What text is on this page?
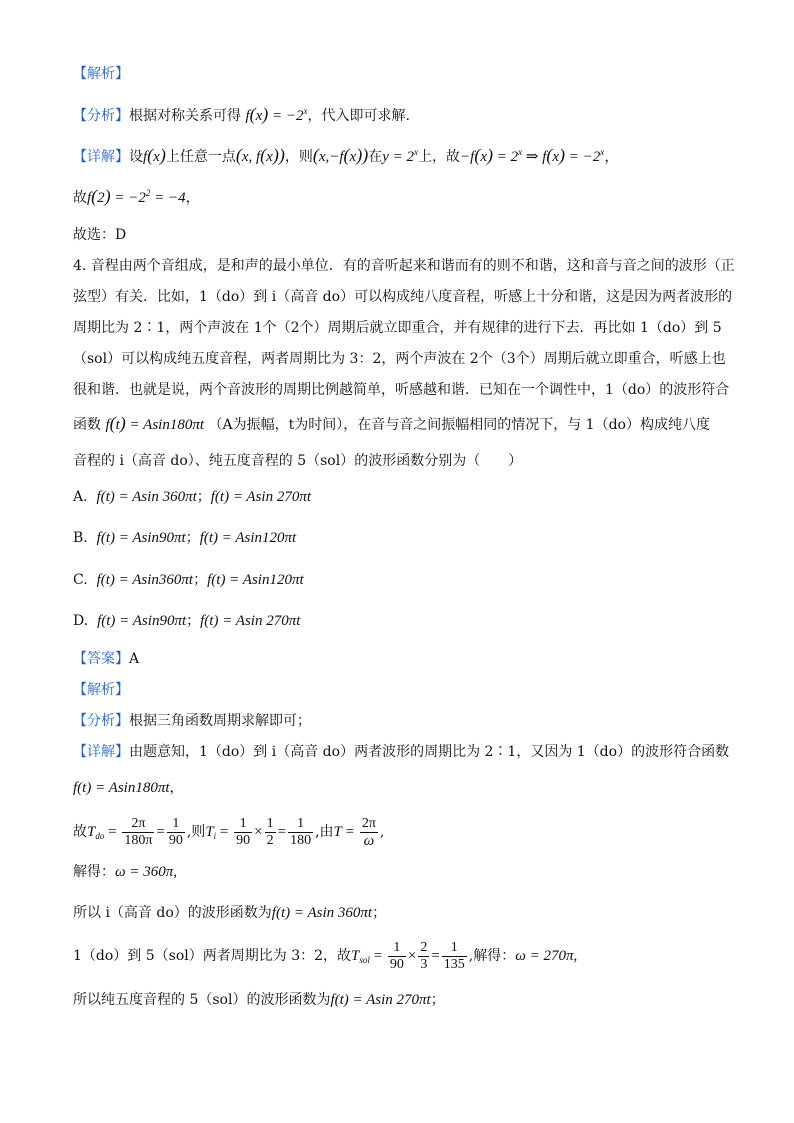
【解析】
【分析】根据对称关系可得 $f(x) = -2^x$，代入即可求解.
【详解】设f(x)上任意一点(x, f(x))，则(x,−f(x))在$y = 2^x$上，故$-f(x) = 2^x$ ⇒ $f(x) = -2^x$，
故$f(2) = -2^2 = -4$，
故选：D
4. 音程由两个音组成，是和声的最小单位．有的音听起来和谐而有的则不和谐，这和音与音之间的波形（正
弦型）有关．比如，1（do）到 i（高音 do）可以构成纯八度音程，听感上十分和谐，这是因为两者波形的
周期比为 2∶1，两个声波在 1个（2个）周期后就立即重合，并有规律的进行下去．再比如 1（do）到 5
（sol）可以构成纯五度音程，两者周期比为 3：2，两个声波在 2个（3个）周期后就立即重合，听感上也
很和谐．也就是说，两个音波形的周期比例越简单，听感越和谐．已知在一个调性中，1（do）的波形符合
函数 f(t) = Asin180πt （A为振幅，t为时间），在音与音之间振幅相同的情况下，与 1（do）构成纯八度
音程的 i（高音 do）、纯五度音程的 5（sol）的波形函数分别为（　　）
A. f(t) = Asin 360πt；f(t) = Asin 270πt
B. f(t) = Asin90πt；f(t) = Asin120πt
C. f(t) = Asin360πt；f(t) = Asin120πt
D. f(t) = Asin90πt；f(t) = Asin 270πt
【答案】A
【解析】
【分析】根据三角函数周期求解即可；
【详解】由题意知，1（do）到 i（高音 do）两者波形的周期比为 2∶1，又因为 1（do）的波形符合函数
f(t) = Asin180πt，
故$T_{do} = \frac{2\pi}{180\pi} = \frac{1}{90}$ ,则$T_i = \frac{1}{90} \times \frac{1}{2} = \frac{1}{180}$ ,由$T = \frac{2\pi}{\omega}$ ,
解得：ω = 360π,
所以 i（高音 do）的波形函数为f(t) = Asin 360πt；
1（do）到 5（sol）两者周期比为 3：2，故$T_{sol} = \frac{1}{90} \times \frac{2}{3} = \frac{1}{135}$ ,解得：ω = 270π,
所以纯五度音程的 5（sol）的波形函数为f(t) = Asin 270πt；
